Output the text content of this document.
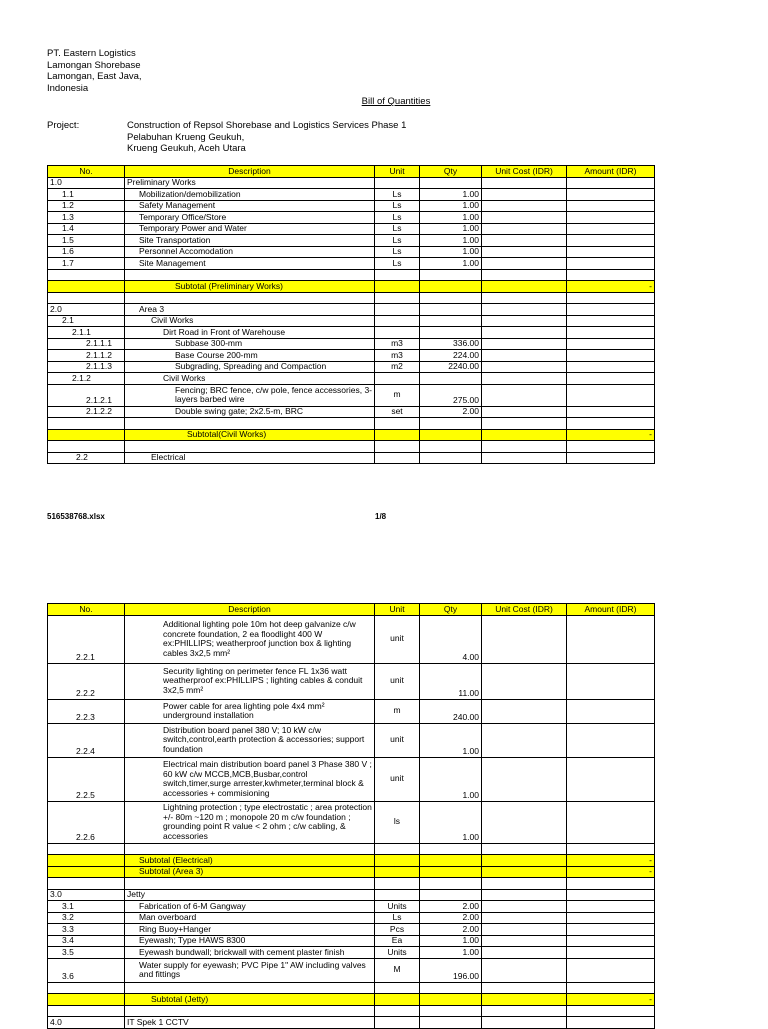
PT. Eastern Logistics
Lamongan Shorebase
Lamongan, East Java,
Indonesia
Bill of Quantities
Project:	Construction of Repsol Shorebase and Logistics Services Phase 1
Pelabuhan Krueng Geukuh,
Krueng Geukuh, Aceh Utara
No.	Description	Unit	Qty	Unit Cost (IDR)	Amount (IDR)
1.0	Preliminary Works				
1.1	Mobilization/demobilization	Ls	1.00		
1.2	Safety Management	Ls	1.00		
1.3	Temporary Office/Store	Ls	1.00		
1.4	Temporary Power and Water	Ls	1.00		
1.5	Site Transportation	Ls	1.00		
1.6	Personnel Accomodation	Ls	1.00		
1.7	Site Management	Ls	1.00		

	Subtotal (Preliminary Works)				-

2.0	Area 3				
2.1	Civil Works				
2.1.1	Dirt Road in Front of Warehouse				
2.1.1.1	Subbase 300-mm	m3	336.00		
2.1.1.2	Base Course 200-mm	m3	224.00		
2.1.1.3	Subgrading, Spreading and Compaction	m2	2240.00		
2.1.2	Civil Works				
2.1.2.1	Fencing; BRC fence, c/w pole, fence accessories, 3-layers barbed wire	m	275.00		
2.1.2.2	Double swing gate; 2x2.5-m, BRC	set	2.00		

	Subtotal(Civil Works)				-

2.2	Electrical				
516538768.xlsx	1/8
No.	Description	Unit	Qty	Unit Cost (IDR)	Amount (IDR)
2.2.1	Additional lighting pole 10m hot deep galvanize c/w concrete foundation, 2 ea floodlight 400 W ex:PHILLIPS; weatherproof junction box & lighting cables 3x2,5 mm²	unit	4.00		
2.2.2	Security lighting on perimeter fence FL 1x36 watt weatherproof ex:PHILLIPS ; lighting cables & conduit 3x2,5 mm²	unit	11.00		
2.2.3	Power cable for area lighting pole 4x4 mm² underground installation	m	240.00		
2.2.4	Distribution board panel 380 V; 10 kW c/w switch,control,earth protection & accessories; support foundation	unit	1.00		
2.2.5	Electrical main distribution board panel 3 Phase 380 V ; 60 kW c/w MCCB,MCB,Busbar,control switch,timer,surge arrester,kwhmeter,terminal block & accessories + commisioning	unit	1.00		
2.2.6	Lightning protection ; type electrostatic ; area protection +/- 80m ~120 m ; monopole 20 m c/w foundation ; grounding point R value < 2 ohm ; c/w cabling, & accessories	ls	1.00		

	Subtotal (Electrical)				-
	Subtotal (Area 3)				-

3.0	Jetty				
3.1	Fabrication of 6-M Gangway	Units	2.00		
3.2	Man overboard	Ls	2.00		
3.3	Ring Buoy+Hanger	Pcs	2.00		
3.4	Eyewash; Type HAWS 8300	Ea	1.00		
3.5	Eyewash bundwall; brickwall with cement plaster finish	Units	1.00		
3.6	Water supply for eyewash; PVC Pipe 1" AW including valves and fittings	M	196.00		

	Subtotal (Jetty)				-

4.0	IT Spek 1 CCTV				
